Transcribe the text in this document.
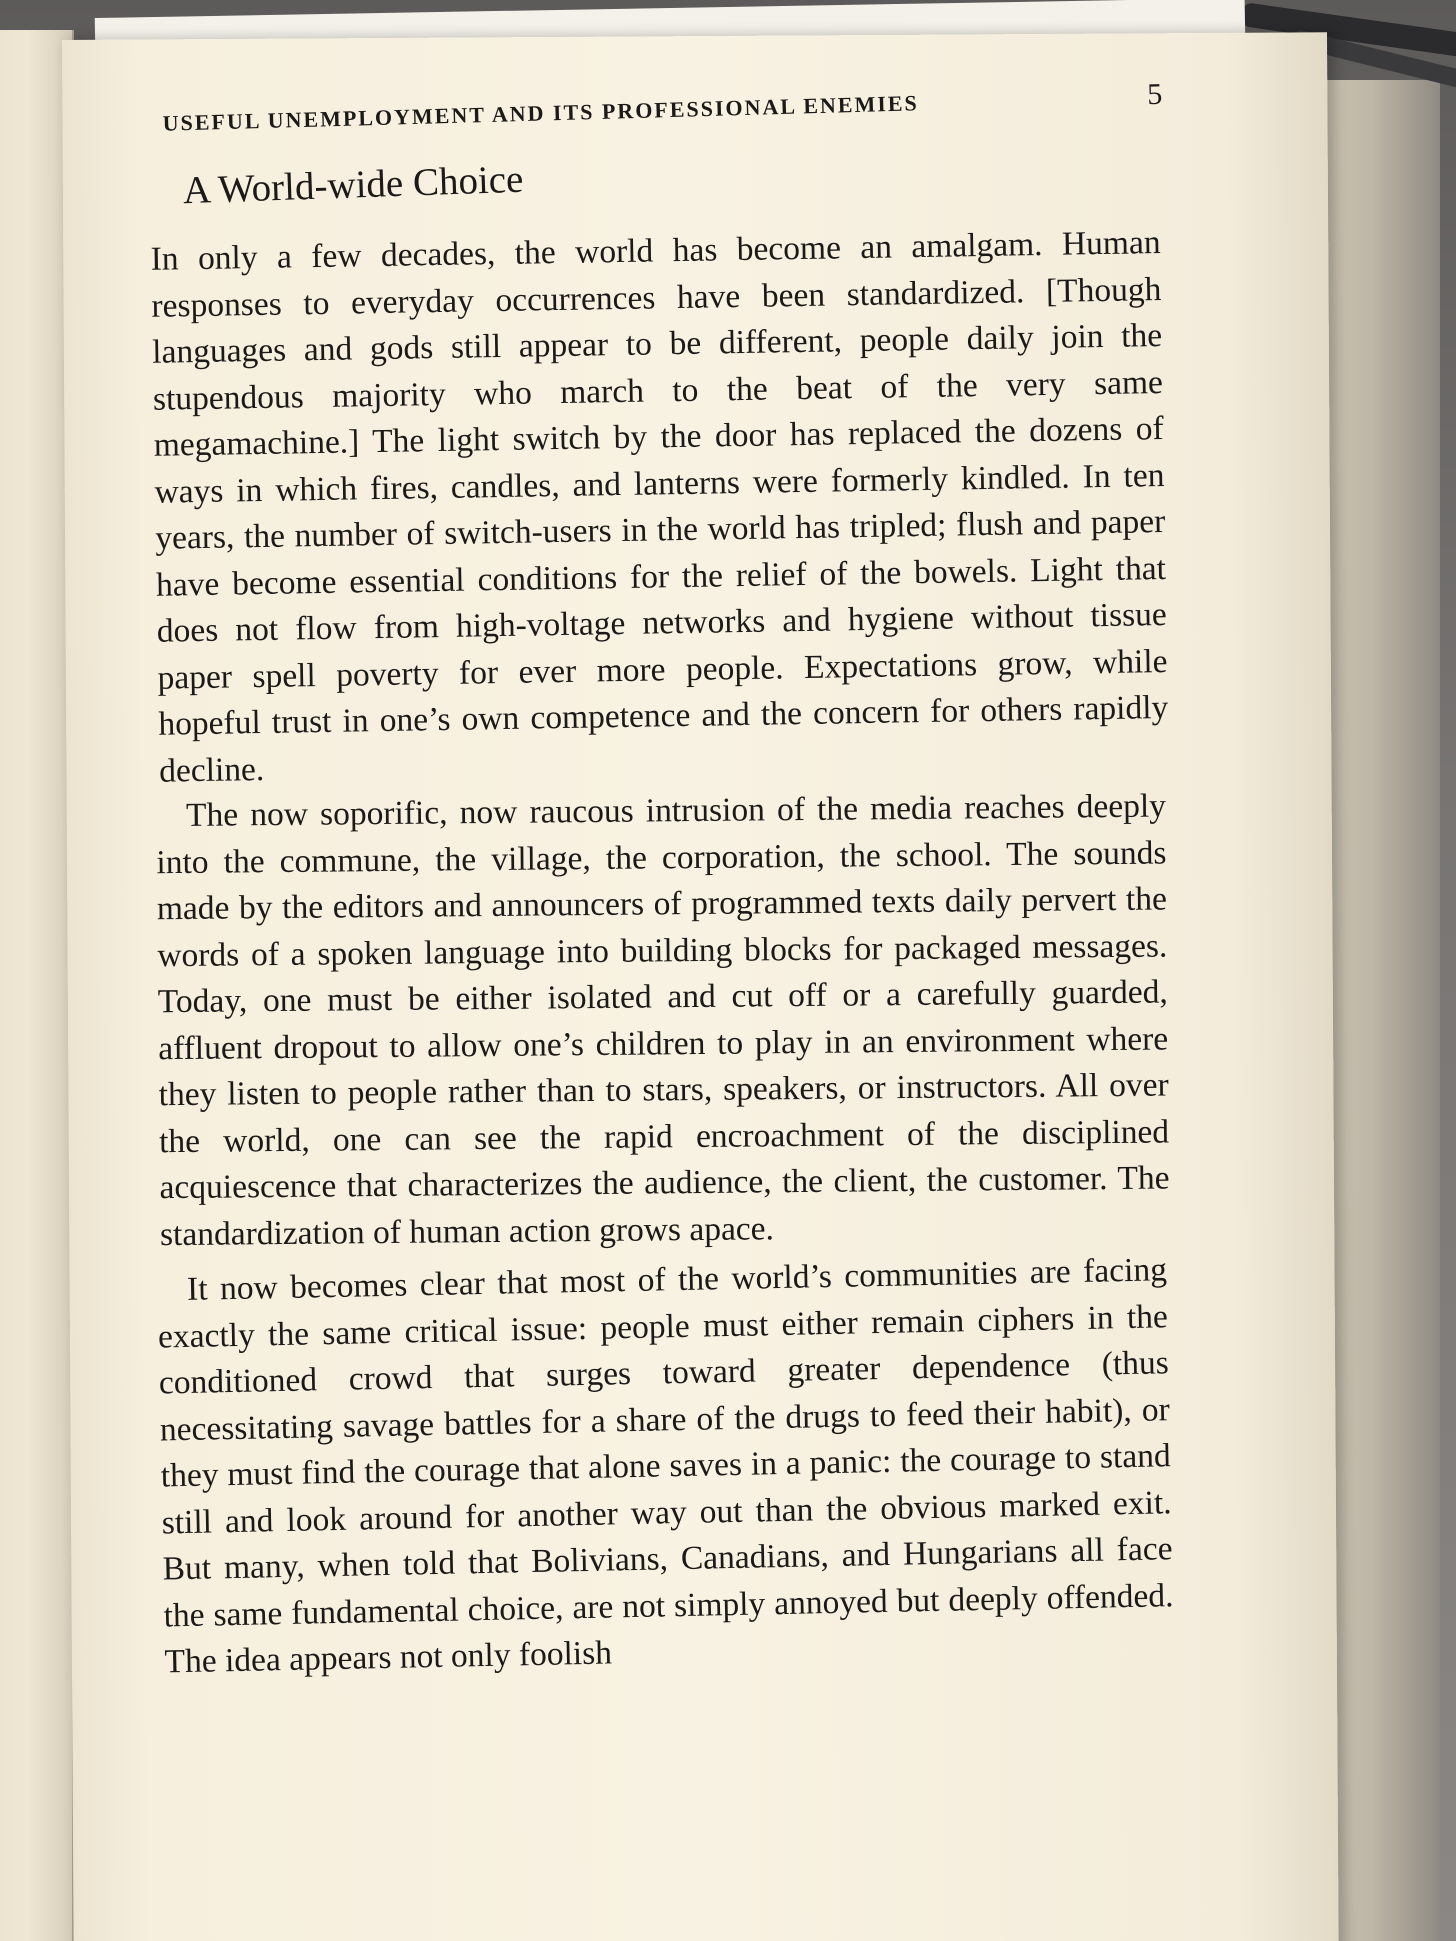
USEFUL UNEMPLOYMENT AND ITS PROFESSIONAL ENEMIES	5
A World-wide Choice

In only a few decades, the world has become an amalgam. Human responses to everyday occurrences have been standardized. [Though languages and gods still appear to be different, people daily join the stupendous majority who march to the beat of the very same megamachine.] The light switch by the door has replaced the dozens of ways in which fires, candles, and lanterns were formerly kindled. In ten years, the number of switch-users in the world has tripled; flush and paper have become essential conditions for the relief of the bowels. Light that does not flow from high-voltage networks and hygiene without tissue paper spell poverty for ever more people. Expectations grow, while hopeful trust in one’s own competence and the concern for others rapidly decline.

The now soporific, now raucous intrusion of the media reaches deeply into the commune, the village, the corporation, the school. The sounds made by the editors and announcers of programmed texts daily pervert the words of a spoken language into building blocks for packaged messages. Today, one must be either isolated and cut off or a carefully guarded, affluent dropout to allow one’s children to play in an environment where they listen to people rather than to stars, speakers, or instructors. All over the world, one can see the rapid encroachment of the disciplined acquiescence that characterizes the audience, the client, the customer. The standardization of human action grows apace.

It now becomes clear that most of the world’s communities are facing exactly the same critical issue: people must either remain ciphers in the conditioned crowd that surges toward greater dependence (thus necessitating savage battles for a share of the drugs to feed their habit), or they must find the courage that alone saves in a panic: the courage to stand still and look around for another way out than the obvious marked exit. But many, when told that Bolivians, Canadians, and Hungarians all face the same fundamental choice, are not simply annoyed but deeply offended. The idea appears not only foolish
